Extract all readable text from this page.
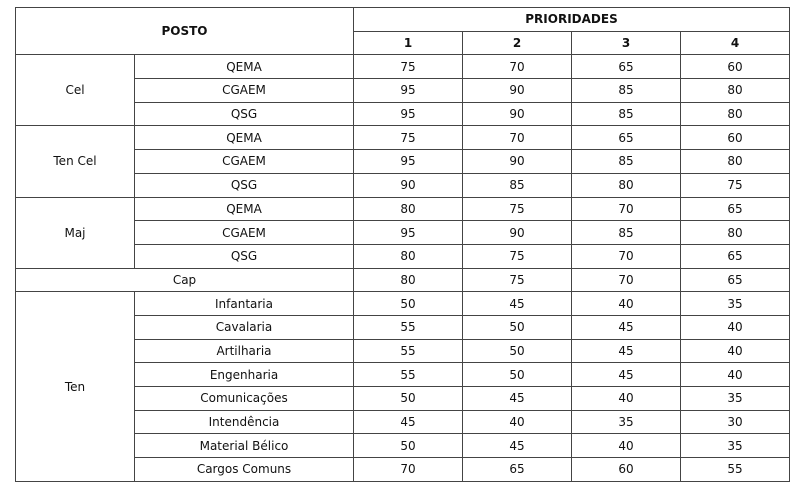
POSTO		PRIORIDADES			
		1	2	3	4
Cel	QEMA	75	70	65	60
	CGAEM	95	90	85	80
	QSG	95	90	85	80
Ten Cel	QEMA	75	70	65	60
	CGAEM	95	90	85	80
	QSG	90	85	80	75
Maj	QEMA	80	75	70	65
	CGAEM	95	90	85	80
	QSG	80	75	70	65
Cap		80	75	70	65
Ten	Infantaria	50	45	40	35
	Cavalaria	55	50	45	40
	Artilharia	55	50	45	40
	Engenharia	55	50	45	40
	Comunicações	50	45	40	35
	Intendência	45	40	35	30
	Material Bélico	50	45	40	35
	Cargos Comuns	70	65	60	55
